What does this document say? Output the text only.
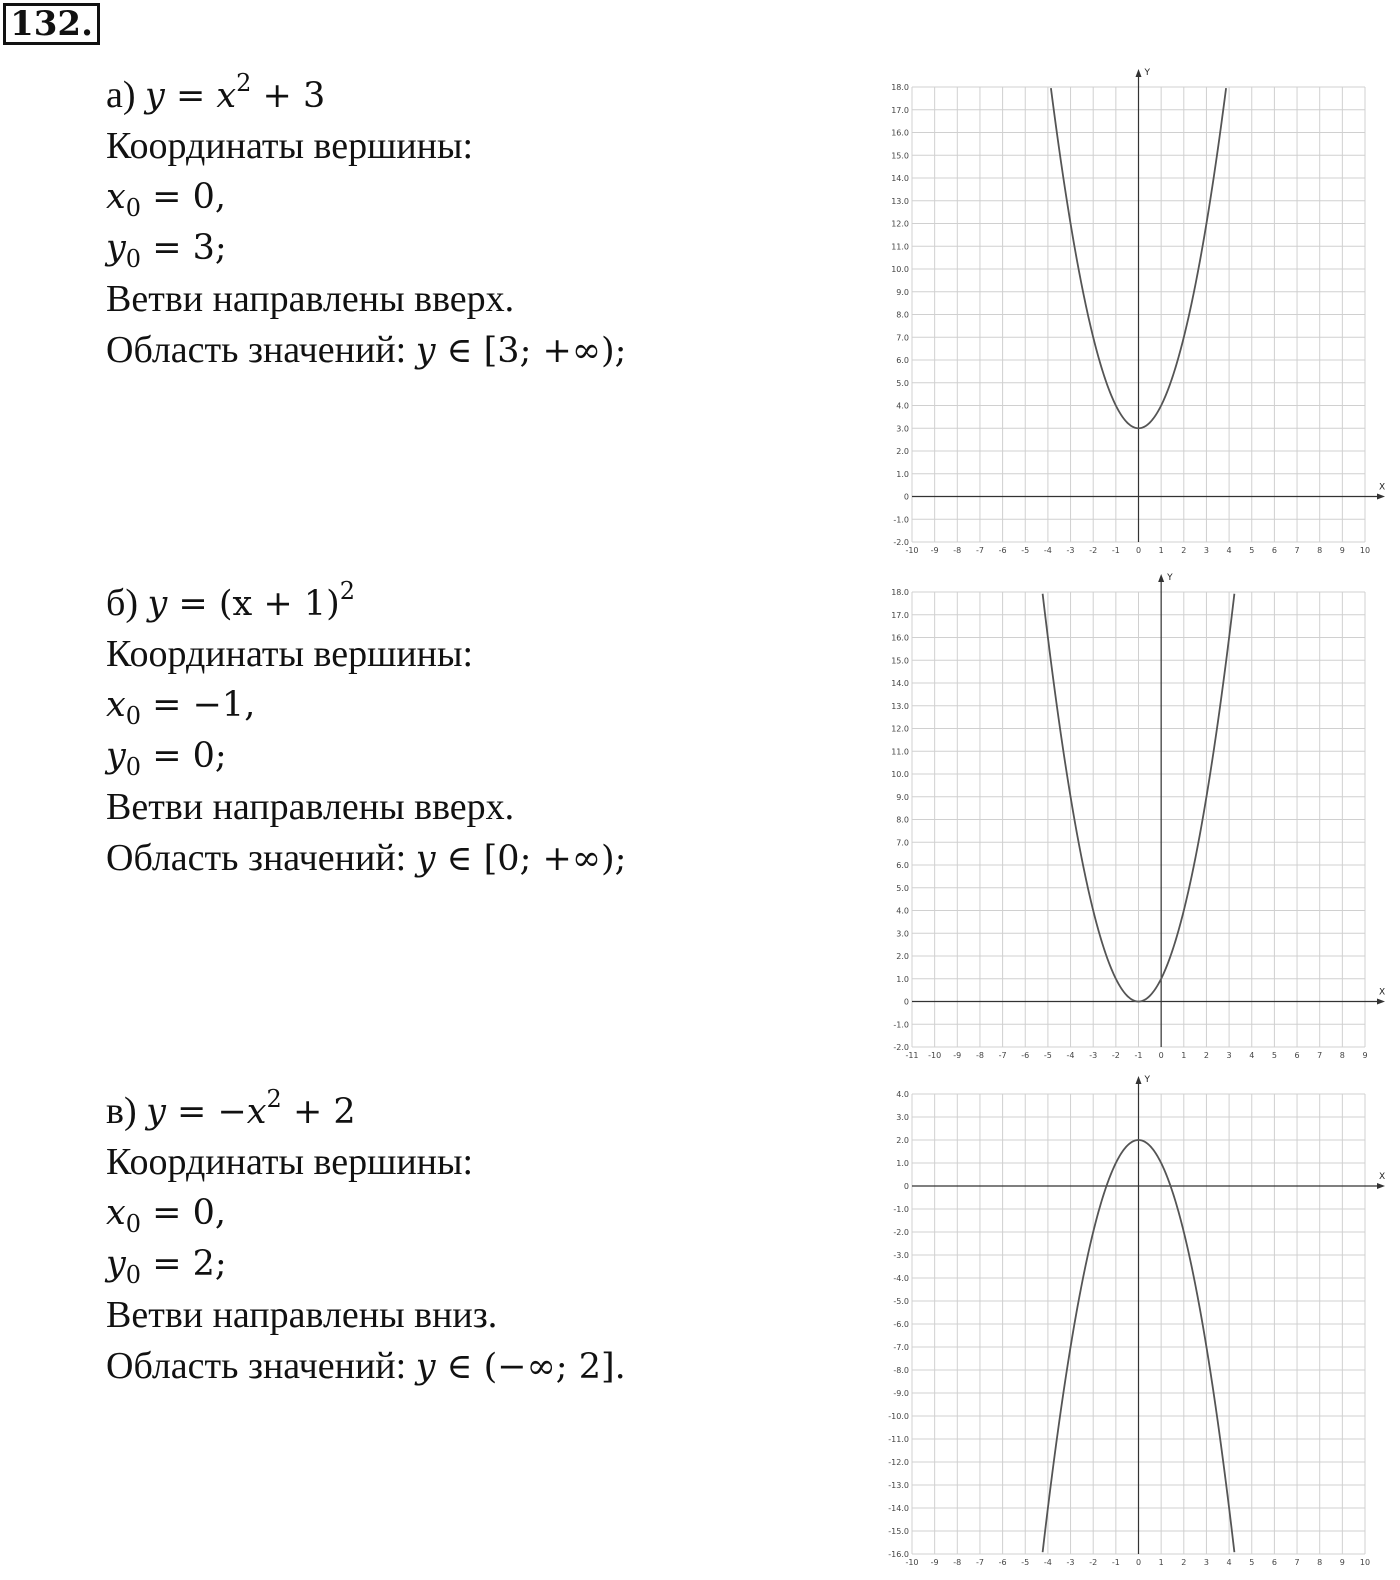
132.
а) $y = x^2 + 3$
Координаты вершины:
$x_0 = 0$,
$y_0 = 3$;
Ветви направлены вверх.
Область значений: y ∈ [3; +∞);
б) $y = (x + 1)^2$
Координаты вершины:
$x_0 = -1$,
$y_0 = 0$;
Ветви направлены вверх.
Область значений: y ∈ [0; +∞);
в) $y = -x^2 + 2$
Координаты вершины:
$x_0 = 0$,
$y_0 = 2$;
Ветви направлены вниз.
Область значений: y ∈ (−∞; 2].
X
Y
-10 -9 -8 -7 -6 -5 -4 -3 -2 -1 0 1 2 3 4 5 6 7 8 9 10
-2.0
-1.0
0
1.0
2.0
3.0
4.0
5.0
6.0
7.0
8.0
9.0
10.0
11.0
12.0
13.0
14.0
15.0
16.0
17.0
18.0
X
Y
-11 -10 -9 -8 -7 -6 -5 -4 -3 -2 -1 0 1 2 3 4 5 6 7 8 9
-2.0
-1.0
0
1.0
2.0
3.0
4.0
5.0
6.0
7.0
8.0
9.0
10.0
11.0
12.0
13.0
14.0
15.0
16.0
17.0
18.0
X
Y
-10 -9 -8 -7 -6 -5 -4 -3 -2 -1 0 1 2 3 4 5 6 7 8 9 10
-16.0
-15.0
-14.0
-13.0
-12.0
-11.0
-10.0
-9.0
-8.0
-7.0
-6.0
-5.0
-4.0
-3.0
-2.0
-1.0
0
1.0
2.0
3.0
4.0
